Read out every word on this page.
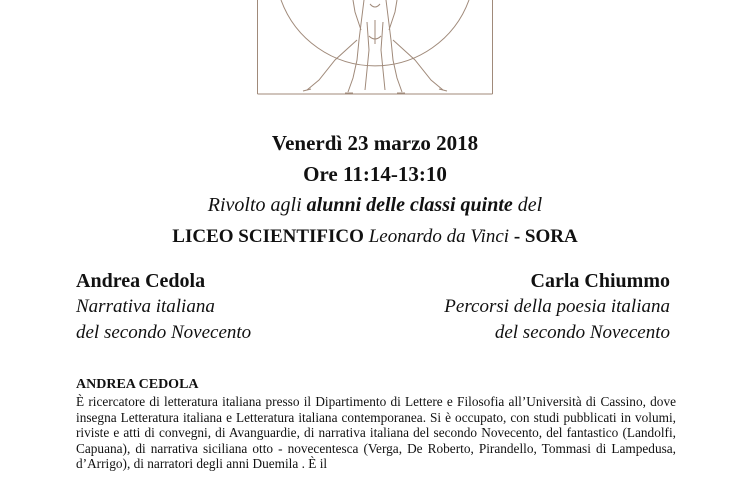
Venerdì 23 marzo 2018
Ore 11:14-13:10
Rivolto agli alunni delle classi quinte del
LICEO SCIENTIFICO Leonardo da Vinci - SORA
Andrea Cedola
Narrativa italiana
del secondo Novecento
Carla Chiummo
Percorsi della poesia italiana
del secondo Novecento
ANDREA CEDOLA

È ricercatore di letteratura italiana presso il Dipartimento di Lettere e Filosofia all’Università di Cassino, dove insegna Letteratura italiana e Letteratura italiana contemporanea. Si è occupato, con studi pubblicati in volumi, riviste e atti di convegni, di Avanguardie, di narrativa italiana del secondo Novecento, del fantastico (Landolfi, Capuana), di narrativa siciliana otto - novecentesca (Verga, De Roberto, Pirandello, Tommasi di Lampedusa, d’Arrigo), di narratori degli anni Duemila . È il
